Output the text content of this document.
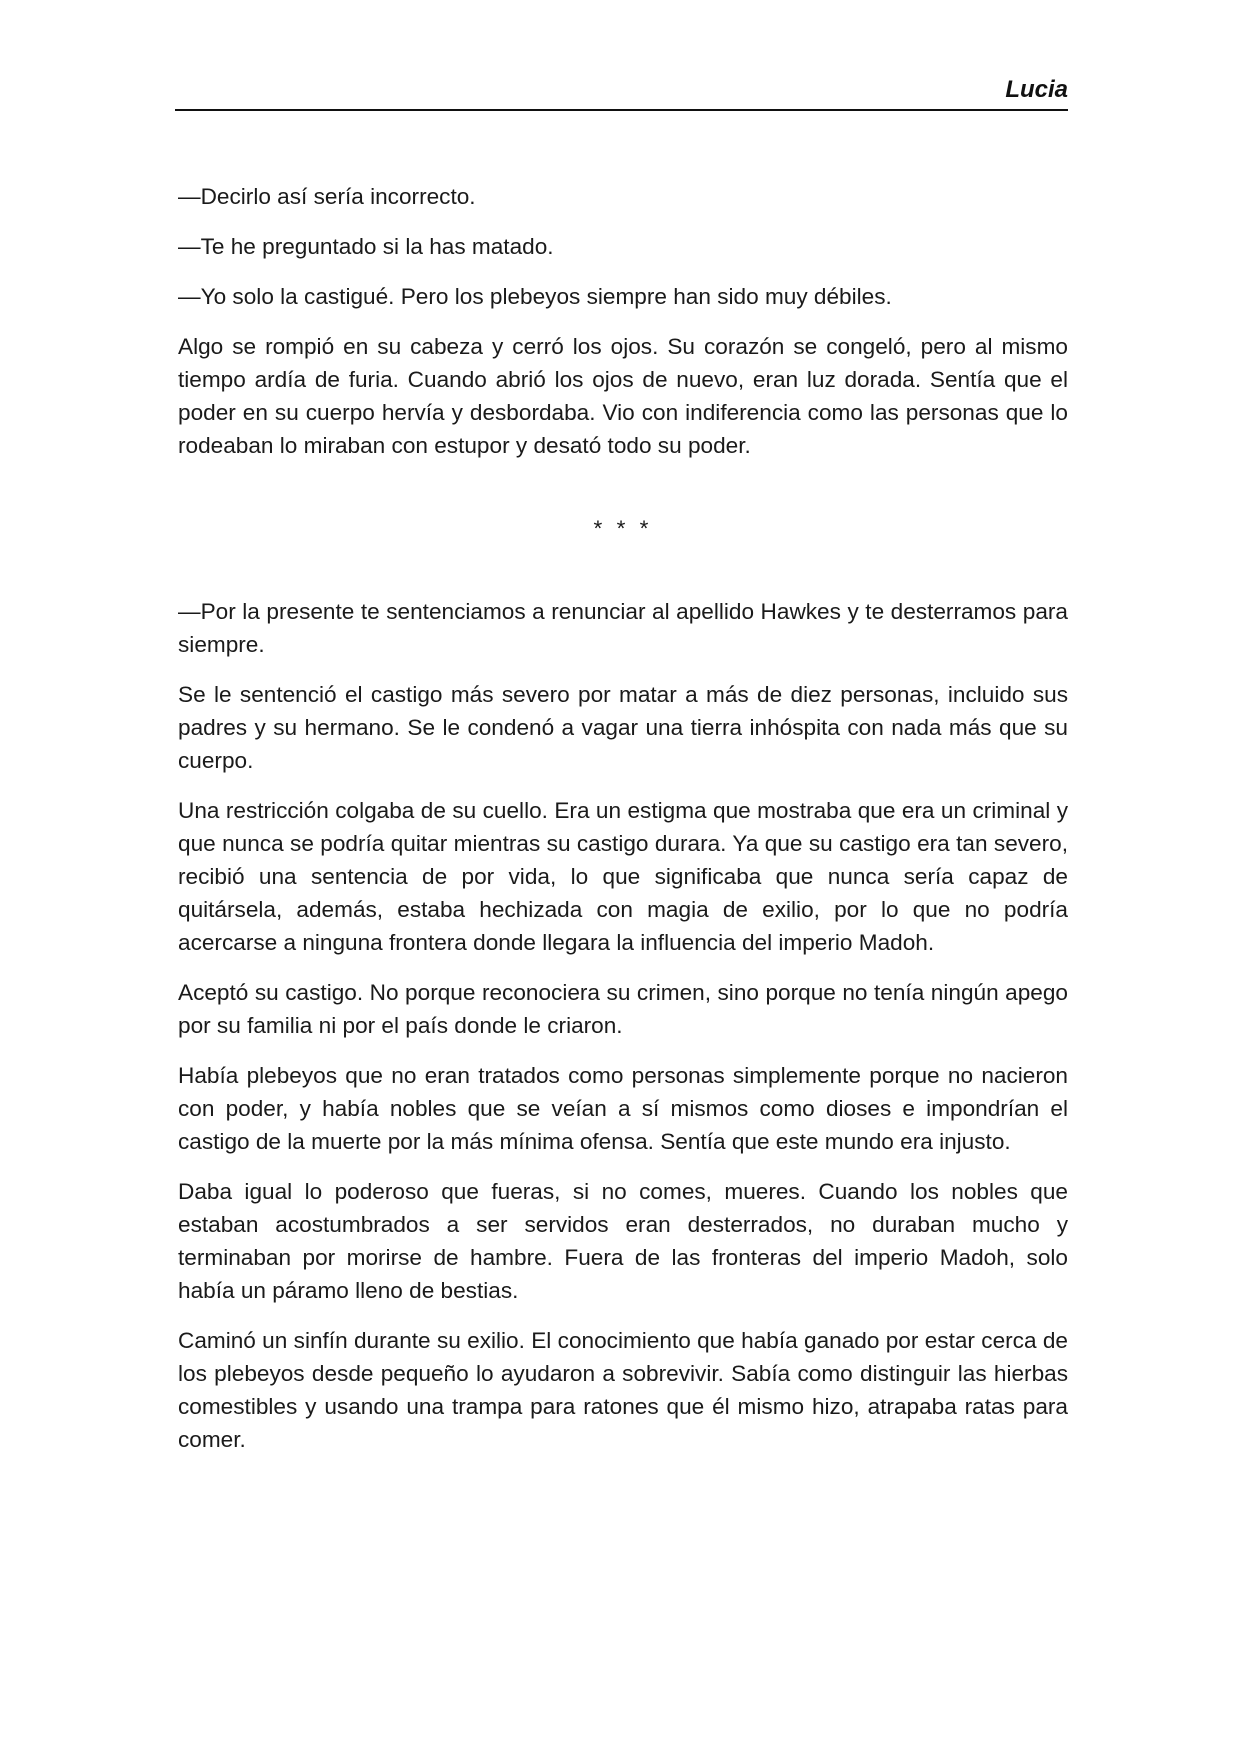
Lucia

—Decirlo así sería incorrecto.

—Te he preguntado si la has matado.

—Yo solo la castigué. Pero los plebeyos siempre han sido muy débiles.

Algo se rompió en su cabeza y cerró los ojos. Su corazón se congeló, pero al mismo tiempo ardía de furia. Cuando abrió los ojos de nuevo, eran luz dorada. Sentía que el poder en su cuerpo hervía y desbordaba. Vio con indiferencia como las personas que lo rodeaban lo miraban con estupor y desató todo su poder.

* * *

—Por la presente te sentenciamos a renunciar al apellido Hawkes y te desterramos para siempre.

Se le sentenció el castigo más severo por matar a más de diez personas, incluido sus padres y su hermano. Se le condenó a vagar una tierra inhóspita con nada más que su cuerpo.

Una restricción colgaba de su cuello. Era un estigma que mostraba que era un criminal y que nunca se podría quitar mientras su castigo durara. Ya que su castigo era tan severo, recibió una sentencia de por vida, lo que significaba que nunca sería capaz de quitársela, además, estaba hechizada con magia de exilio, por lo que no podría acercarse a ninguna frontera donde llegara la influencia del imperio Madoh.

Aceptó su castigo. No porque reconociera su crimen, sino porque no tenía ningún apego por su familia ni por el país donde le criaron.

Había plebeyos que no eran tratados como personas simplemente porque no nacieron con poder, y había nobles que se veían a sí mismos como dioses e impondrían el castigo de la muerte por la más mínima ofensa. Sentía que este mundo era injusto.

Daba igual lo poderoso que fueras, si no comes, mueres. Cuando los nobles que estaban acostumbrados a ser servidos eran desterrados, no duraban mucho y terminaban por morirse de hambre. Fuera de las fronteras del imperio Madoh, solo había un páramo lleno de bestias.

Caminó un sinfín durante su exilio. El conocimiento que había ganado por estar cerca de los plebeyos desde pequeño lo ayudaron a sobrevivir. Sabía como distinguir las hierbas comestibles y usando una trampa para ratones que él mismo hizo, atrapaba ratas para comer.
